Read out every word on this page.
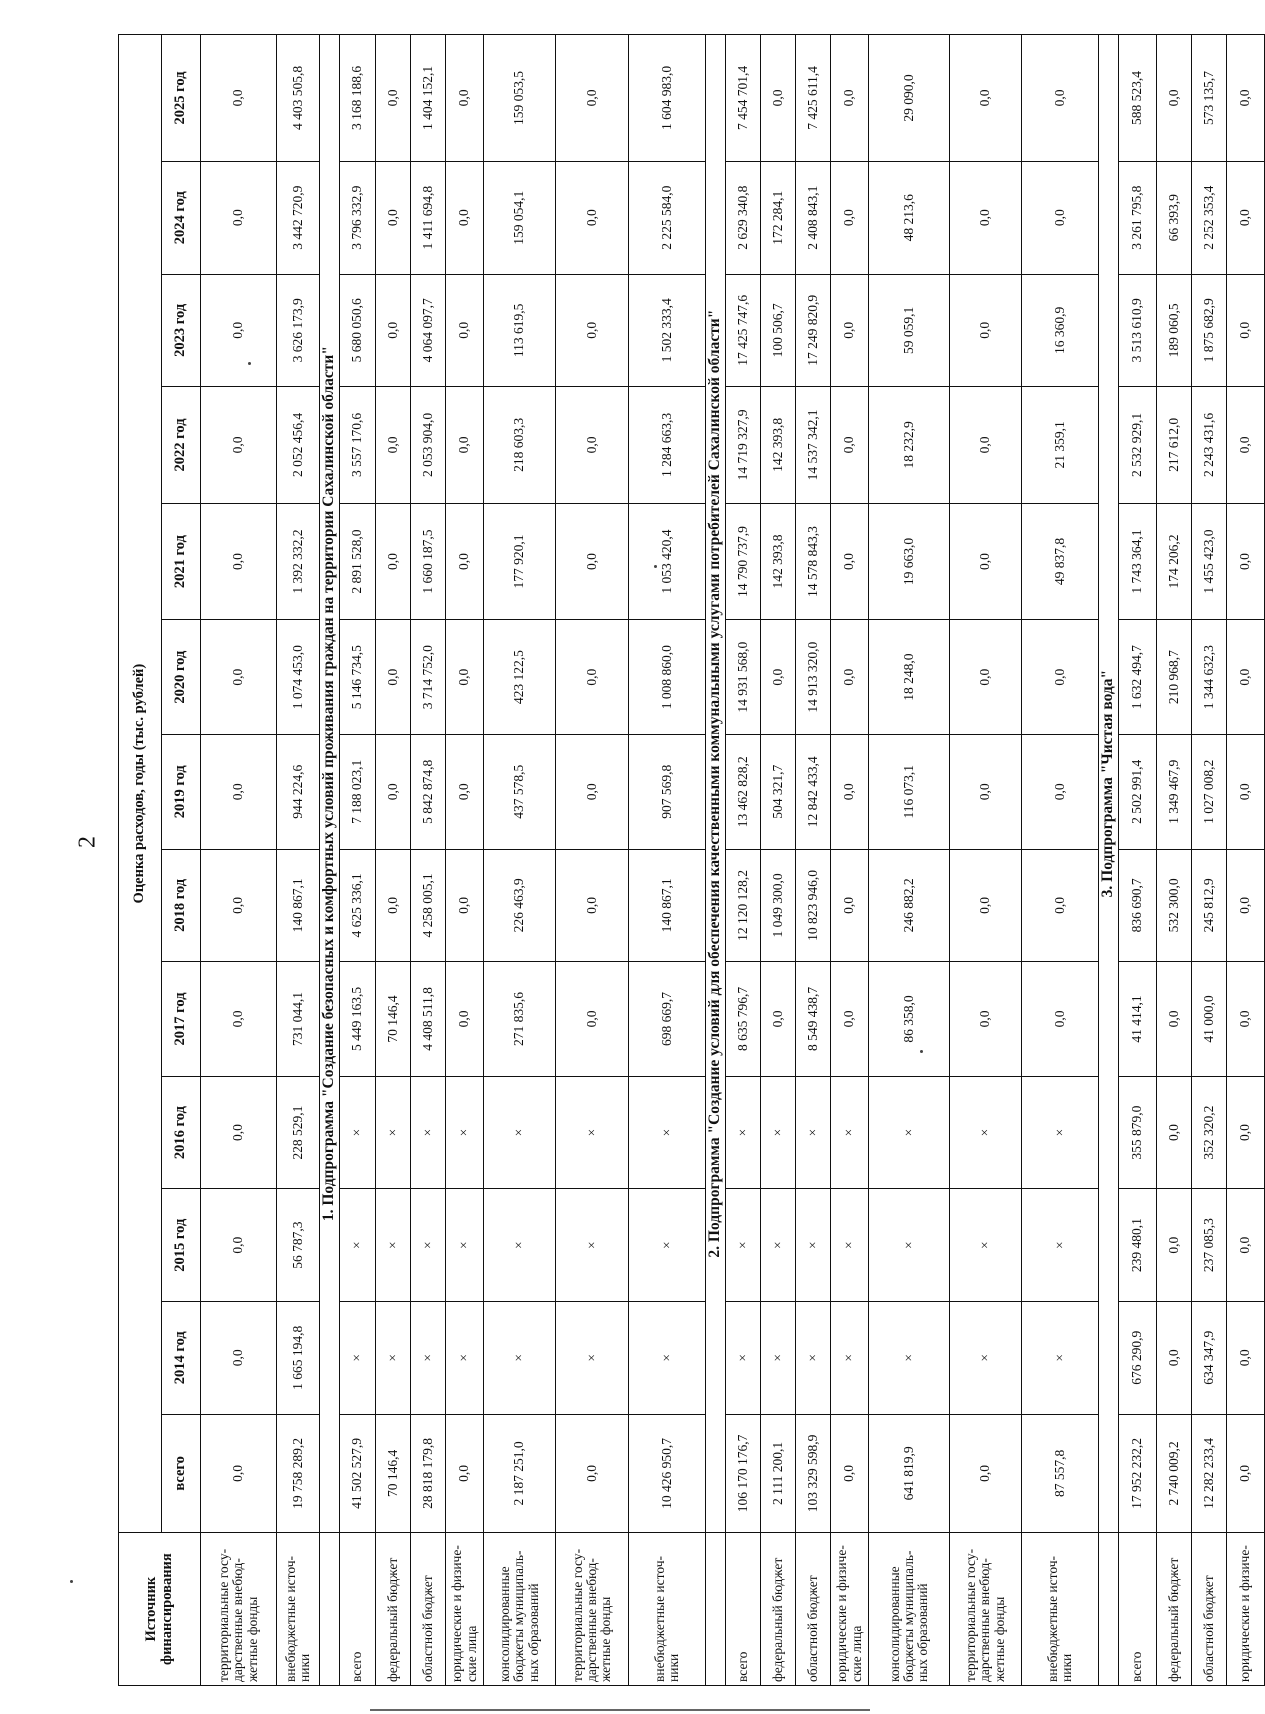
2
Источник финансирования	Оценка расходов, годы (тыс. рублей)												
	всего	2014 год	2015 год	2016 год	2017 год	2018 год	2019 год	2020 год	2021 год	2022 год	2023 год	2024 год	2025 год
территориальные госу-дарственные внебюд-жетные фонды	0,0	0,0	0,0	0,0	0,0	0,0	0,0	0,0	0,0	0,0	0,0	0,0	0,0
внебюджетные источ-ники	19 758 289,2	1 665 194,8	56 787,3	228 529,1	731 044,1	140 867,1	944 224,6	1 074 453,0	1 392 332,2	2 052 456,4	3 626 173,9	3 442 720,9	4 403 505,8
	1. Подпрограмма "Создание безопасных и комфортных условий проживания граждан на территории Сахалинской области"												
всего	41 502 527,9	×	×	×	5 449 163,5	4 625 336,1	7 188 023,1	5 146 734,5	2 891 528,0	3 557 170,6	5 680 050,6	3 796 332,9	3 168 188,6
федеральный бюджет	70 146,4	×	×	×	70 146,4	0,0	0,0	0,0	0,0	0,0	0,0	0,0	0,0
областной бюджет	28 818 179,8	×	×	×	4 408 511,8	4 258 005,1	5 842 874,8	3 714 752,0	1 660 187,5	2 053 904,0	4 064 097,7	1 411 694,8	1 404 152,1
юридические и физиче-ские лица	0,0	×	×	×	0,0	0,0	0,0	0,0	0,0	0,0	0,0	0,0	0,0
консолидированные бюджеты муниципаль-ных образований	2 187 251,0	×	×	×	271 835,6	226 463,9	437 578,5	423 122,5	177 920,1	218 603,3	113 619,5	159 054,1	159 053,5
территориальные госу-дарственные внебюд-жетные фонды	0,0	×	×	×	0,0	0,0	0,0	0,0	0,0	0,0	0,0	0,0	0,0
внебюджетные источ-ники	10 426 950,7	×	×	×	698 669,7	140 867,1	907 569,8	1 008 860,0	1 053 420,4	1 284 663,3	1 502 333,4	2 225 584,0	1 604 983,0
	2. Подпрограмма "Создание условий для обеспечения качественными коммунальными услугами потребителей Сахалинской области"												
всего	106 170 176,7	×	×	×	8 635 796,7	12 120 128,2	13 462 828,2	14 931 568,0	14 790 737,9	14 719 327,9	17 425 747,6	2 629 340,8	7 454 701,4
федеральный бюджет	2 111 200,1	×	×	×	0,0	1 049 300,0	504 321,7	0,0	142 393,8	142 393,8	100 506,7	172 284,1	0,0
областной бюджет	103 329 598,9	×	×	×	8 549 438,7	10 823 946,0	12 842 433,4	14 913 320,0	14 578 843,3	14 537 342,1	17 249 820,9	2 408 843,1	7 425 611,4
юридические и физиче-ские лица	0,0	×	×	×	0,0	0,0	0,0	0,0	0,0	0,0	0,0	0,0	0,0
консолидированные бюджеты муниципаль-ных образований	641 819,9	×	×	×	86 358,0	246 882,2	116 073,1	18 248,0	19 663,0	18 232,9	59 059,1	48 213,6	29 090,0
территориальные госу-дарственные внебюд-жетные фонды	0,0	×	×	×	0,0	0,0	0,0	0,0	0,0	0,0	0,0	0,0	0,0
внебюджетные источ-ники	87 557,8	×	×	×	0,0	0,0	0,0	0,0	49 837,8	21 359,1	16 360,9	0,0	0,0
	3. Подпрограмма "Чистая вода"												
всего	17 952 232,2	676 290,9	239 480,1	355 879,0	41 414,1	836 690,7	2 502 991,4	1 632 494,7	1 743 364,1	2 532 929,1	3 513 610,9	3 261 795,8	588 523,4
федеральный бюджет	2 740 009,2	0,0	0,0	0,0	0,0	532 300,0	1 349 467,9	210 968,7	174 206,2	217 612,0	189 060,5	66 393,9	0,0
областной бюджет	12 282 233,4	634 347,9	237 085,3	352 320,2	41 000,0	245 812,9	1 027 008,2	1 344 632,3	1 455 423,0	2 243 431,6	1 875 682,9	2 252 353,4	573 135,7
юридические и физиче-	0,0	0,0	0,0	0,0	0,0	0,0	0,0	0,0	0,0	0,0	0,0	0,0	0,0
